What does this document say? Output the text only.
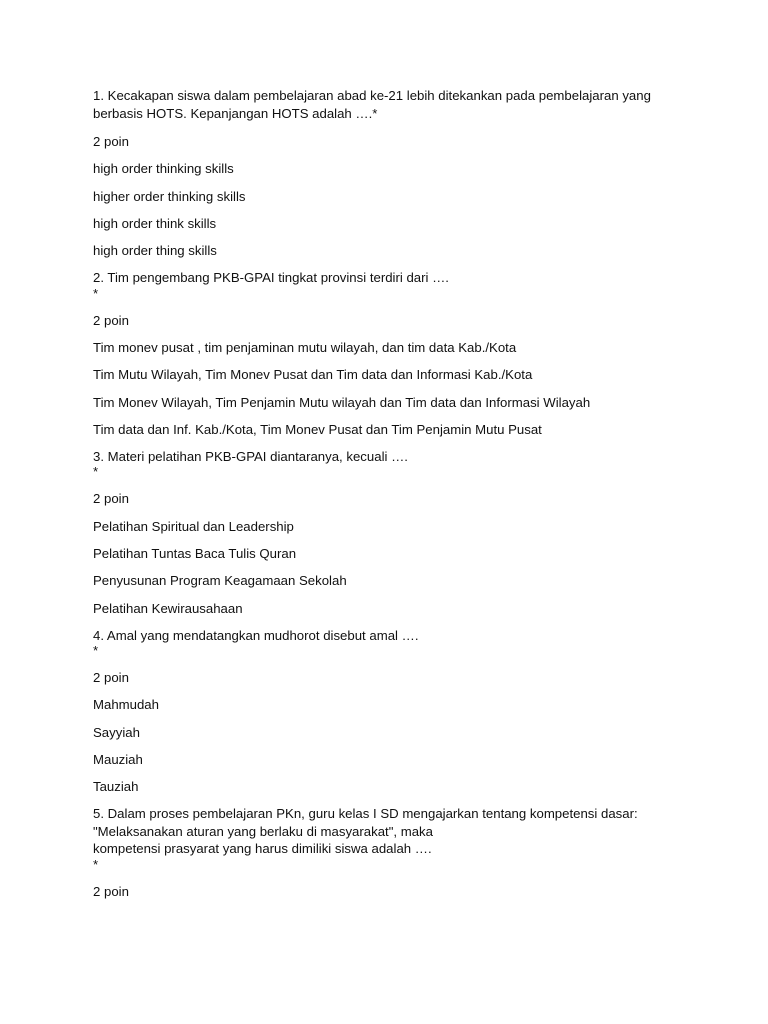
1. Kecakapan siswa dalam pembelajaran abad ke-21 lebih ditekankan pada pembelajaran yang
berbasis HOTS. Kepanjangan HOTS adalah ….*
2 poin
high order thinking skills
higher order thinking skills
high order think skills
high order thing skills
2. Tim pengembang PKB-GPAI tingkat provinsi terdiri dari ….
*
2 poin
Tim monev pusat , tim penjaminan mutu wilayah, dan tim data Kab./Kota
Tim Mutu Wilayah, Tim Monev Pusat dan Tim data dan Informasi Kab./Kota
Tim Monev Wilayah, Tim Penjamin Mutu wilayah dan Tim data dan Informasi Wilayah
Tim data dan Inf. Kab./Kota, Tim Monev Pusat dan Tim Penjamin Mutu Pusat
3. Materi pelatihan PKB-GPAI diantaranya, kecuali ….
*
2 poin
Pelatihan Spiritual dan Leadership
Pelatihan Tuntas Baca Tulis Quran
Penyusunan Program Keagamaan Sekolah
Pelatihan Kewirausahaan
4. Amal yang mendatangkan mudhorot disebut amal ….
*
2 poin
Mahmudah
Sayyiah
Mauziah
Tauziah
5. Dalam proses pembelajaran PKn, guru kelas I SD mengajarkan tentang kompetensi dasar:
"Melaksanakan aturan yang berlaku di masyarakat", maka
kompetensi prasyarat yang harus dimiliki siswa adalah ….
*
2 poin
